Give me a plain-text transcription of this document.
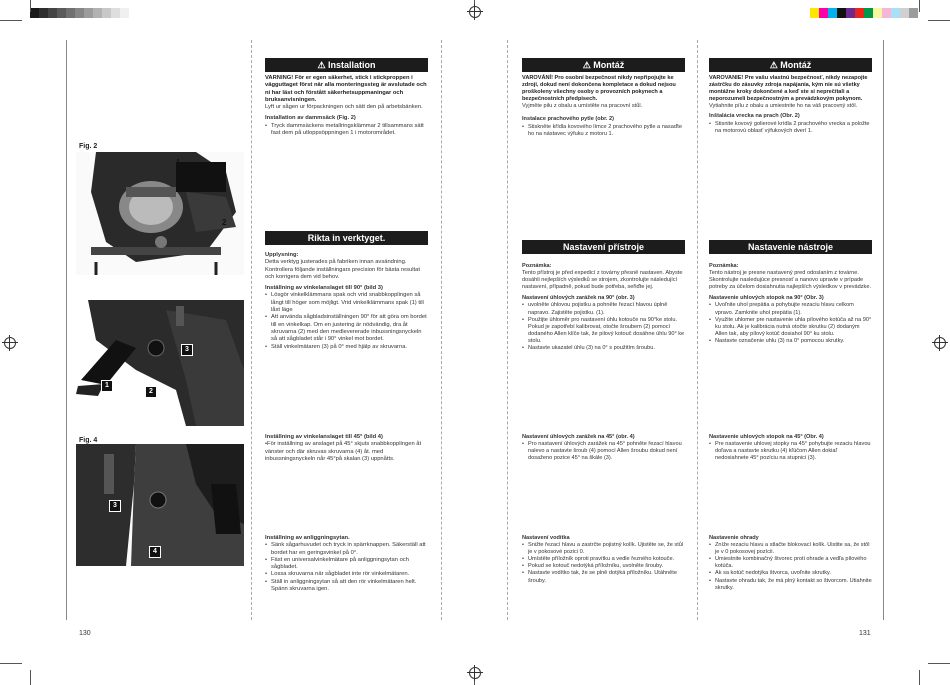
Fig. 2
1
2
1
2
3
Fig. 4
3
4
⚠ Installation

VARNING! För er egen säkerhet, stick i stickproppen i vägguttaget först när alla monteringssteg är avslutade och ni har läst och förstått säkerhetsuppmaningar och bruksanvisningen.

Lyft ur sågen ur förpackningen och sätt den på arbetsbänken.

Installation av dammsäck (Fig. 2)

• Tryck dammsäckens metallringsklämmar 2 tillsammans sätt fast dem på utloppsöppningen 1 i motorområdet.
Rikta in verktyget.

Upplysning:

Detta verktyg justerades på fabriken innan avsändning. Kontrollera följande inställningars precision för bästa resultat och korrigera dem vid behov.

Inställning av vinkelanslaget till 90° (bild 3)

• Lösgör vinkelklämmans spak och vrid snabbkopplingen så långt till höger som möjligt. Vrid vinkelklämmans spak (1) till låst läge
• Att använda sågbladsinställningen 90° för att göra om bordet till en vinkelkap. Om en justering är nödvändig, dra åt skruvarna (2) med den medlevererade inbussningsnyckeln så att sågbladet står i 90° vinkel mot bordet.
• Ställ vinkelmätaren (3) på 0° med hjälp av skruvarna.

Inställning av vinkelanslaget till 45° (bild 4)

•För inställning av anslaget på 45° skjuts snabbkopplingen åt vänster och där skruvas skruvarna (4) åt. med inbussningsnyckeln når 45°på skalan (3) uppnåtts.

Inställning av anliggningsytan.

• Sänk sågarhuvudet och tryck in spärrknappen. Säkerställ att bordet har en geringsvinkel på 0°.
• Fäst en universalvinkelmätare på anliggningsytan och sågbladet.
• Lossa skruvarna när sågbladet inte rör vinkelmätaren.
• Ställ in anliggningsytan så att den rör vinkelmätaren helt. Spänn skruvarna igen.
130
⚠ Montáž

VAROVÁNÍ! Pro osobní bezpečnost nikdy nepřipojujte ke zdroji, dokud není dokončena kompletace a dokud nejsou proškoleny všechny osoby o provozních pokynech a bezpečnostních předpisech.

Vyjměte pilu z obalu a umístěte na pracovní stůl.

Instalace prachového pytle (obr. 2)

• Stiskněte křídla kovového límce 2 prachového pytle a nasaďte ho na nástavec výfuku z motoru 1.
Nastavení přístroje

Poznámka:

Tento přístroj je před expedicí z továrny přesně nastaven. Abyste dosáhli nejlepších výsledků se strojem, zkontrolujte následující nastavení, případně, pokud bude potřeba, seřiďte jej.

Nastavení úhlových zarážek na 90° (obr. 3)

• uvolněte úhlovou pojistku a pohněte řezací hlavou úplně napravo. Zajistěte pojistku. (1).
• Použijte úhloměr pro nastavení úhlu kotouče na 90°ke stolu. Pokud je zapotřebí kalibrovat, otočte šroubem (2) pomocí dodaného Allen klíče tak, že pilový kotouč dosáhne úhlu 90° ke stolu.
• Nastavte ukazatel úhlu (3) na 0° s použitím šroubu.

Nastavení úhlových zarážek na 45° (obr. 4)

• Pro nastavení úhlových zarážek na 45° pohněte řezací hlavou nalevo a nastavte šroub (4) pomocí Allen šroubu dokud není dosaženo pozice 45° na škále (3).

Nastavení vodítka

• Snižte řezací hlavu a zastrčte pojistný kolík. Ujistěte se, že stůl je v pokosové pozici 0.
• Umístěte příložník oproti pravítku a vedle řezného kotouče.
• Pokud se kotouč nedotýká příložníku, uvolněte šrouby.
• Nastavte vodítko tak, že se plně dotýká příložníku. Utáhněte šrouby.
⚠ Montáž

VAROVANIE! Pre vašu vlastnú bezpečnosť, nikdy nezapojte zástrčku do zásuvky zdroja napájania, kým nie sú všetky montážne kroky dokončené a keď ste si neprečítali a neporozumeli bezpečnostným a prevádzkovým pokynom.

Vytiahnite pílu z obalu a umiestnite ho na váš pracovný stôl.

Inštalácia vrecka na prach (Obr. 2)

• Stisnite kovový golierové krídla 2 prachového vrecka a položte na motorovú oblasť výfukových dverí 1.
Nastavenie nástroje

Poznámka:

Tento nástroj je presne nastavený pred odoslaním z továrne. Skontrolujte nasledujúce presnosť a nanovo upravte v prípade potreby za účelom dosiahnutia najlepších výsledkov v prevádzke.

Nastavenie uhlových stopok na 90° (Obr. 3)

• Uvoľnite uhol prepätia a pohybujte rezaciu hlavu celkom vpravo. Zamknite uhol prepätia (1).
• Využite uhlomer pre nastavenie uhla pílového kotúča až na 90° ku stolu. Ak je kalibrácia nutná otočte skrutku (2) dodaným Allen tak, aby pílový kotúč dosiahol 90° ku stolu.
• Nastavte označenie uhlu (3) na 0° pomocou skrutky.

Nastavenie uhlových stopok na 45° (Obr. 4)

• Pre nastavenie uhlovej stopky na 45° pohybujte rezaciu hlavou doľava a nastavte skrutku (4) kľúčom Allen dokiaľ nedosiahnete 45° pozíciu na stupnici (3).

Nastavenie ohrady

• Zníže rezaciu hlavu a stlačte blokovací kolík. Uistite sa, že stôl je v 0 pokosovej pozícii.
• Umiestnite kombinačný štvorec proti ohrade a vedľa pílového kotúča.
• Ak sa kotúč nedotýka štvorca, uvoľnite skrutky.
• Nastavte ohradu tak, že má plný kontakt so štvorcom. Utiahnite skrutky.
131
